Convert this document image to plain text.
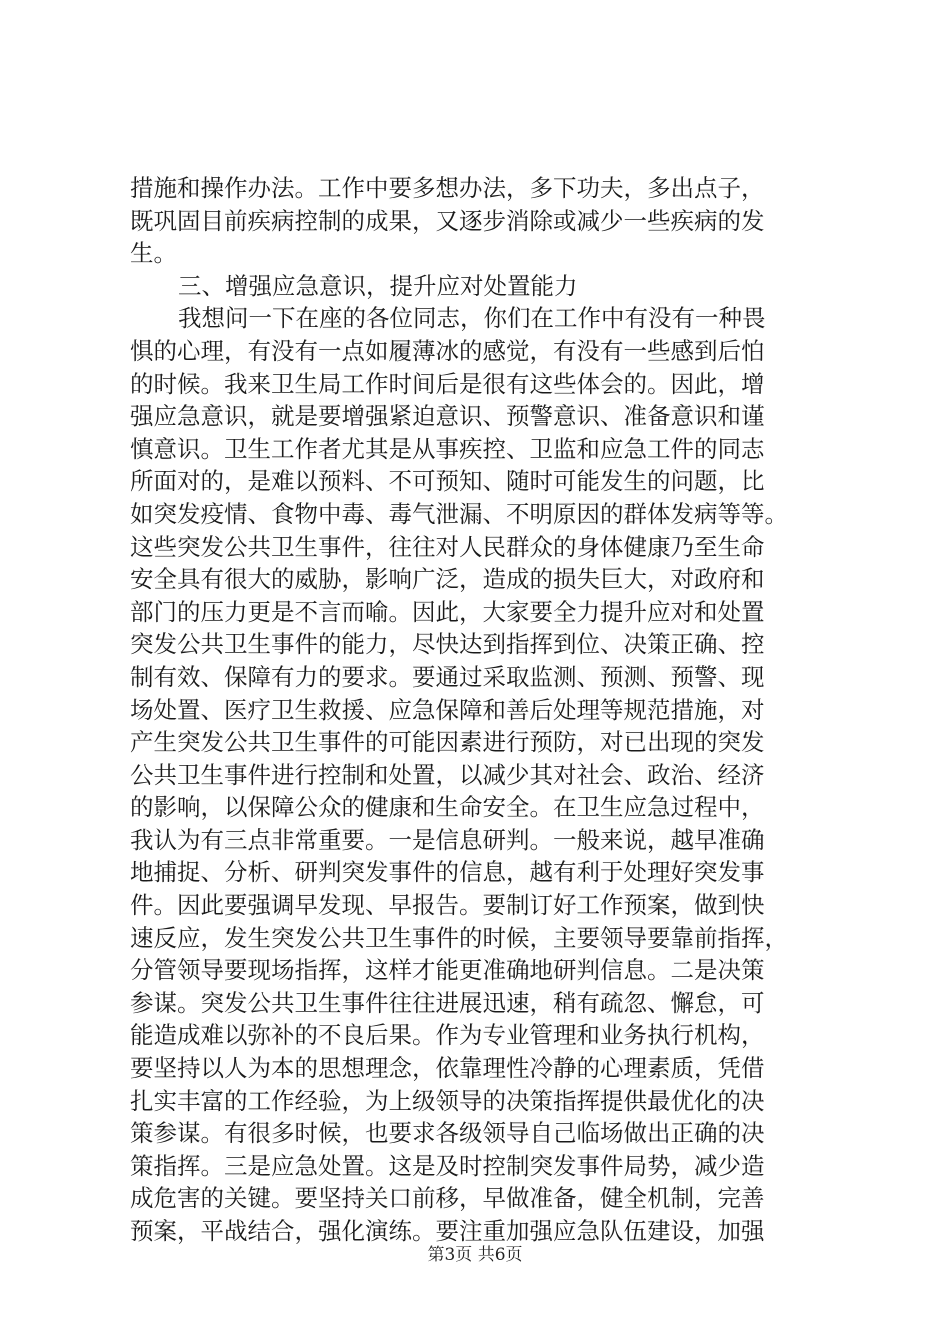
措施和操作办法。工作中要多想办法，多下功夫，多出点子，
既巩固目前疾病控制的成果，又逐步消除或减少一些疾病的发
生。
三、增强应急意识，提升应对处置能力
我想问一下在座的各位同志，你们在工作中有没有一种畏
惧的心理，有没有一点如履薄冰的感觉，有没有一些感到后怕
的时候。我来卫生局工作时间后是很有这些体会的。因此，增
强应急意识，就是要增强紧迫意识、预警意识、准备意识和谨
慎意识。卫生工作者尤其是从事疾控、卫监和应急工件的同志
所面对的，是难以预料、不可预知、随时可能发生的问题，比
如突发疫情、食物中毒、毒气泄漏、不明原因的群体发病等等。
这些突发公共卫生事件，往往对人民群众的身体健康乃至生命
安全具有很大的威胁，影响广泛，造成的损失巨大，对政府和
部门的压力更是不言而喻。因此，大家要全力提升应对和处置
突发公共卫生事件的能力，尽快达到指挥到位、决策正确、控
制有效、保障有力的要求。要通过采取监测、预测、预警、现
场处置、医疗卫生救援、应急保障和善后处理等规范措施，对
产生突发公共卫生事件的可能因素进行预防，对已出现的突发
公共卫生事件进行控制和处置，以减少其对社会、政治、经济
的影响，以保障公众的健康和生命安全。在卫生应急过程中，
我认为有三点非常重要。一是信息研判。一般来说，越早准确
地捕捉、分析、研判突发事件的信息，越有利于处理好突发事
件。因此要强调早发现、早报告。要制订好工作预案，做到快
速反应，发生突发公共卫生事件的时候，主要领导要靠前指挥，
分管领导要现场指挥，这样才能更准确地研判信息。二是决策
参谋。突发公共卫生事件往往进展迅速，稍有疏忽、懈怠，可
能造成难以弥补的不良后果。作为专业管理和业务执行机构，
要坚持以人为本的思想理念，依靠理性冷静的心理素质，凭借
扎实丰富的工作经验，为上级领导的决策指挥提供最优化的决
策参谋。有很多时候，也要求各级领导自己临场做出正确的决
策指挥。三是应急处置。这是及时控制突发事件局势，减少造
成危害的关键。要坚持关口前移，早做准备，健全机制，完善
预案，平战结合，强化演练。要注重加强应急队伍建设，加强
第3页 共6页
